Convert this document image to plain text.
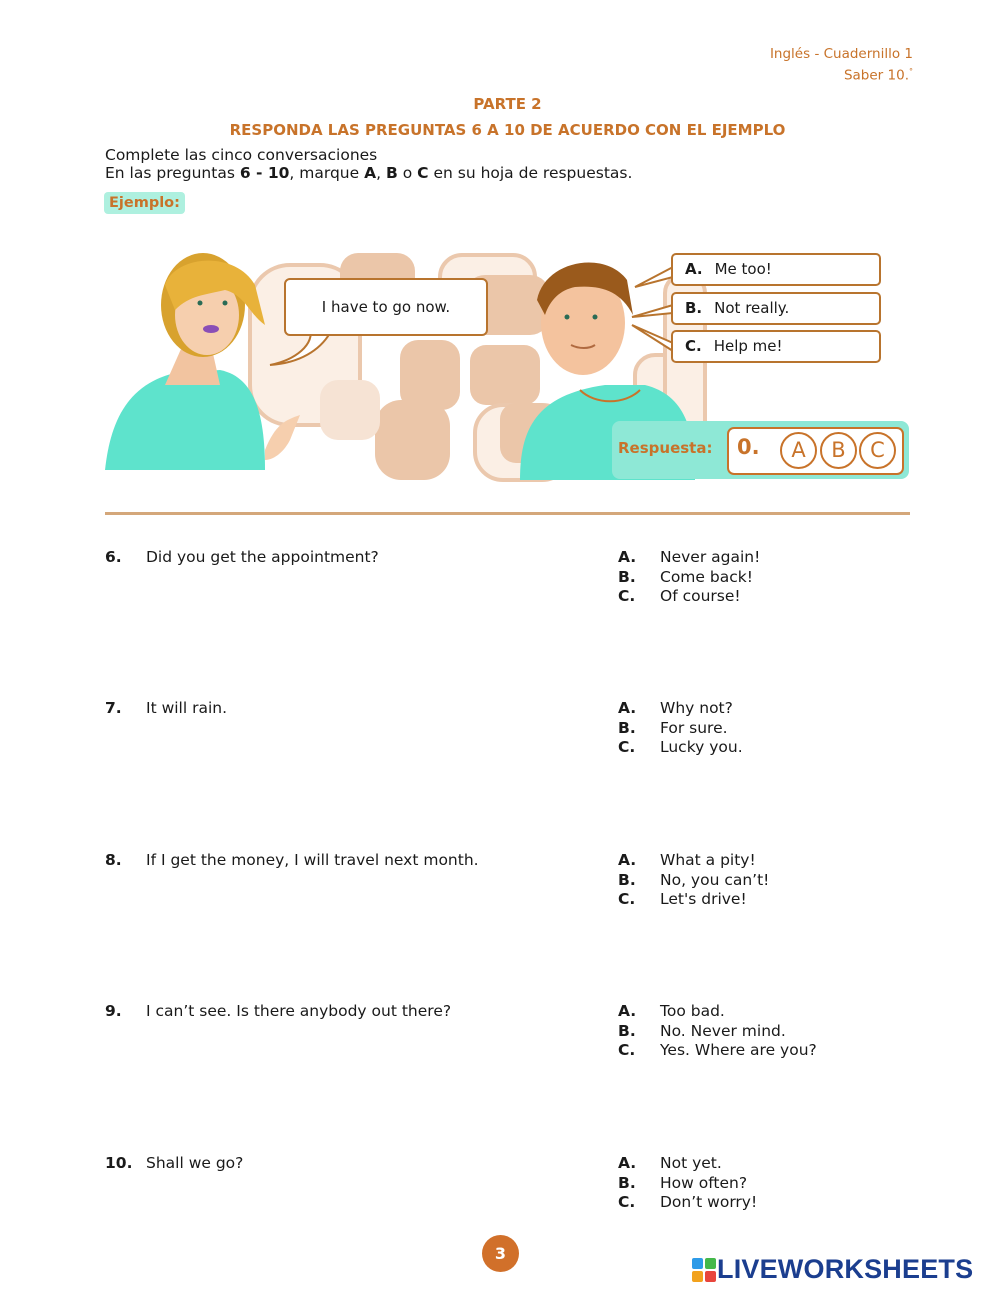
Inglés - Cuadernillo 1
Saber 10.°
PARTE 2
RESPONDA LAS PREGUNTAS 6 A 10 DE ACUERDO CON EL EJEMPLO
Complete las cinco conversaciones
En las preguntas 6 - 10, marque A, B o C en su hoja de respuestas.
Ejemplo:
I have to go now.
A. Me too!
B. Not really.
C. Help me!
Respuesta: 0.	A	B	C
6. Did you get the appointment?	A. Never again!
B. Come back!
C. Of course!
7. It will rain.	A. Why not?
B. For sure.
C. Lucky you.
8. If I get the money, I will travel next month.	A. What a pity!
B. No, you can’t!
C. Let's drive!
9. I can’t see. Is there anybody out there?	A. Too bad.
B. No. Never mind.
C. Yes. Where are you?
10. Shall we go?	A. Not yet.
B. How often?
C. Don’t worry!
3
LIVEWORKSHEETS
